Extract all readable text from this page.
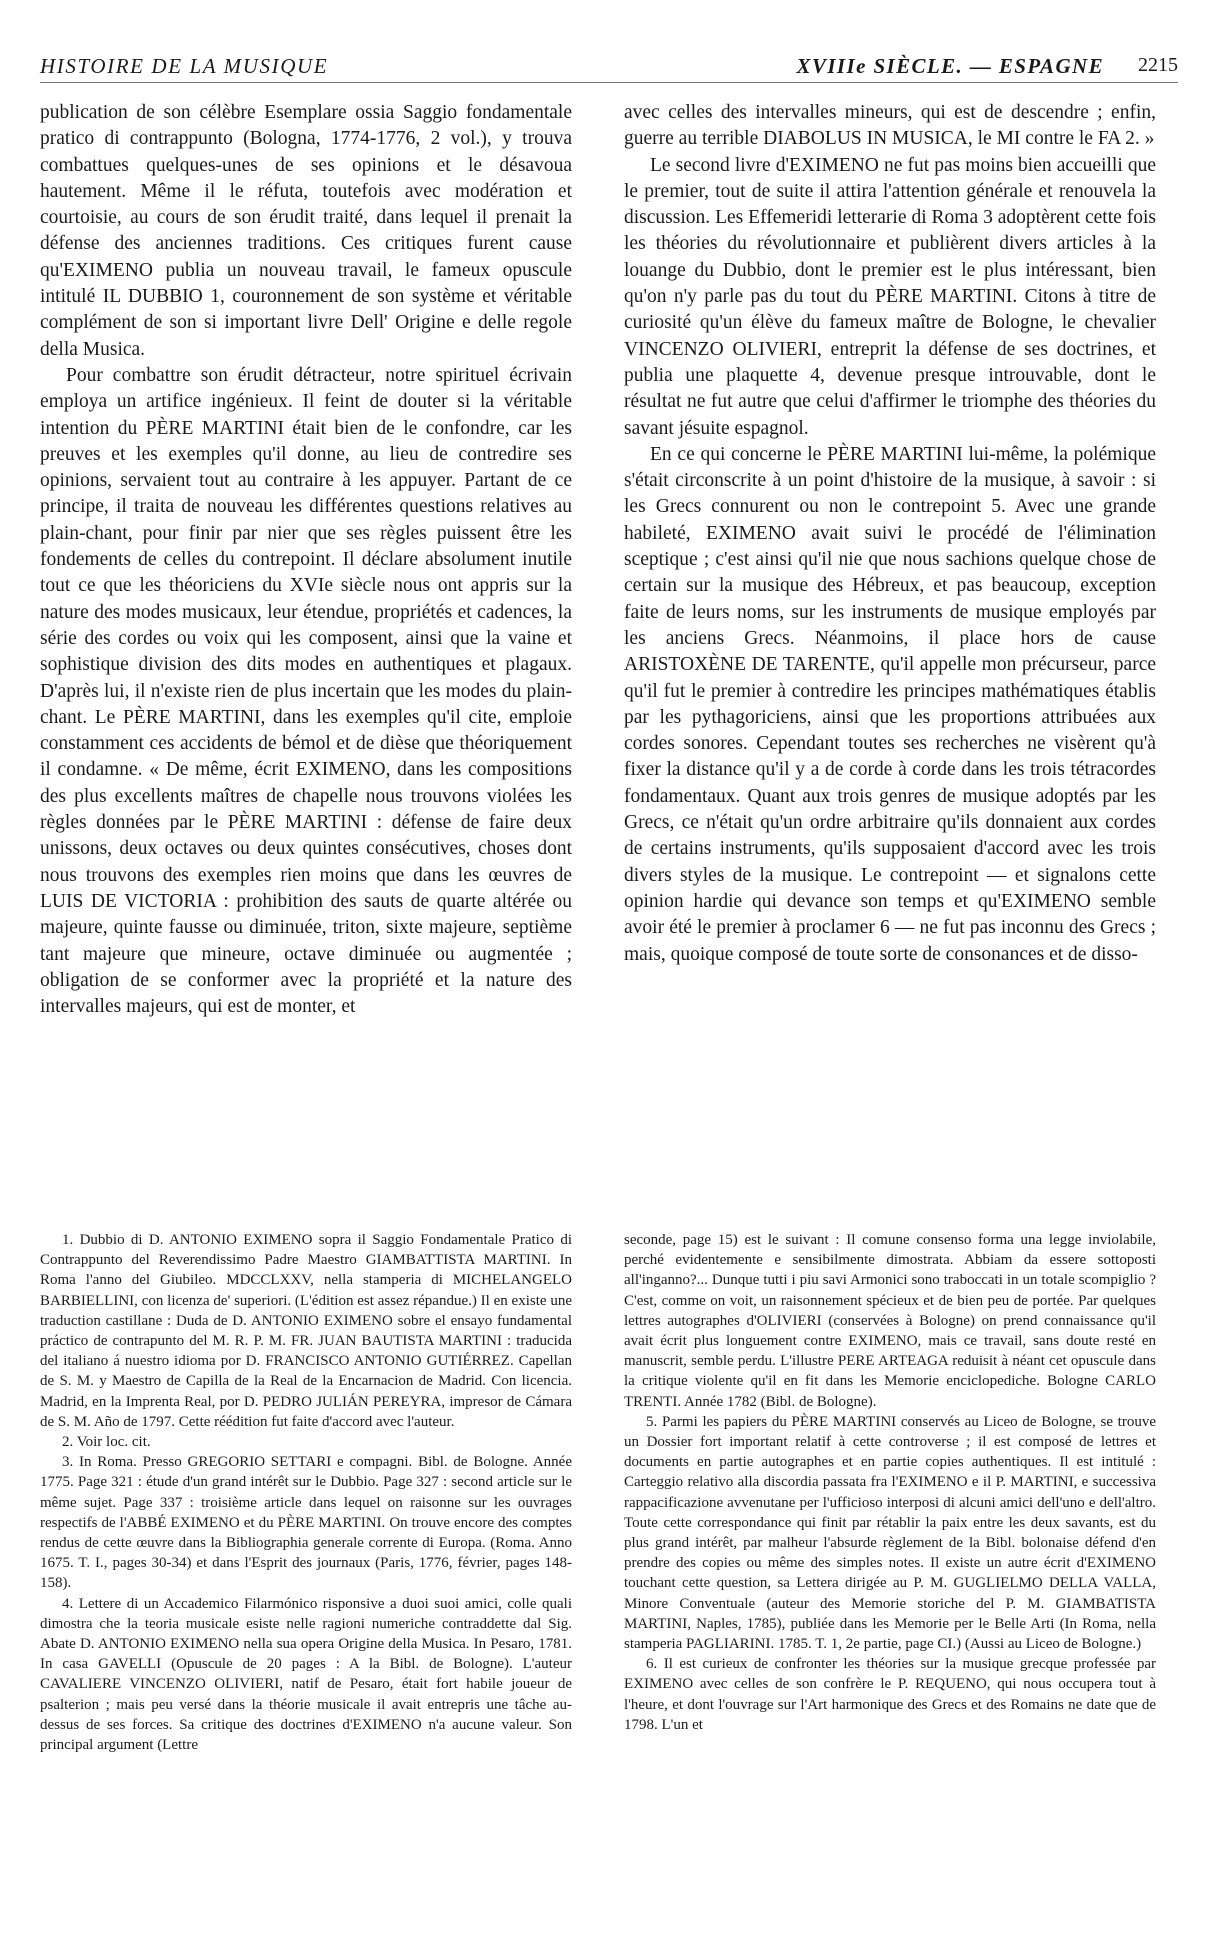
HISTOIRE DE LA MUSIQUE	XVIIIe SIÈCLE. — ESPAGNE 2215

publication de son célèbre Esemplare ossia Saggio fondamentale pratico di contrappunto (Bologna, 1774-1776, 2 vol.), y trouva combattues quelques-unes de ses opinions et le désavoua hautement. Même il le réfuta, toutefois avec modération et courtoisie, au cours de son érudit traité, dans lequel il prenait la défense des anciennes traditions. Ces critiques furent cause qu'EXIMENO publia un nouveau travail, le fameux opuscule intitulé IL DUBBIO 1, couronnement de son système et véritable complément de son si important livre Dell' Origine e delle regole della Musica.

Pour combattre son érudit détracteur, notre spirituel écrivain employa un artifice ingénieux. Il feint de douter si la véritable intention du PÈRE MARTINI était bien de le confondre, car les preuves et les exemples qu'il donne, au lieu de contredire ses opinions, servaient tout au contraire à les appuyer. Partant de ce principe, il traita de nouveau les différentes questions relatives au plain-chant, pour finir par nier que ses règles puissent être les fondements de celles du contrepoint. Il déclare absolument inutile tout ce que les théoriciens du XVIe siècle nous ont appris sur la nature des modes musicaux, leur étendue, propriétés et cadences, la série des cordes ou voix qui les composent, ainsi que la vaine et sophistique division des dits modes en authentiques et plagaux. D'après lui, il n'existe rien de plus incertain que les modes du plain-chant. Le PÈRE MARTINI, dans les exemples qu'il cite, emploie constamment ces accidents de bémol et de dièse que théoriquement il condamne. « De même, écrit EXIMENO, dans les compositions des plus excellents maîtres de chapelle nous trouvons violées les règles données par le PÈRE MARTINI : défense de faire deux unissons, deux octaves ou deux quintes consécutives, choses dont nous trouvons des exemples rien moins que dans les œuvres de LUIS DE VICTORIA : prohibition des sauts de quarte altérée ou majeure, quinte fausse ou diminuée, triton, sixte majeure, septième tant majeure que mineure, octave diminuée ou augmentée ; obligation de se conformer avec la propriété et la nature des intervalles majeurs, qui est de monter, et

avec celles des intervalles mineurs, qui est de descendre ; enfin, guerre au terrible DIABOLUS IN MUSICA, le MI contre le FA 2. »

Le second livre d'EXIMENO ne fut pas moins bien accueilli que le premier, tout de suite il attira l'attention générale et renouvela la discussion. Les Effemeridi letterarie di Roma 3 adoptèrent cette fois les théories du révolutionnaire et publièrent divers articles à la louange du Dubbio, dont le premier est le plus intéressant, bien qu'on n'y parle pas du tout du PÈRE MARTINI. Citons à titre de curiosité qu'un élève du fameux maître de Bologne, le chevalier VINCENZO OLIVIERI, entreprit la défense de ses doctrines, et publia une plaquette 4, devenue presque introuvable, dont le résultat ne fut autre que celui d'affirmer le triomphe des théories du savant jésuite espagnol.

En ce qui concerne le PÈRE MARTINI lui-même, la polémique s'était circonscrite à un point d'histoire de la musique, à savoir : si les Grecs connurent ou non le contrepoint 5. Avec une grande habileté, EXIMENO avait suivi le procédé de l'élimination sceptique ; c'est ainsi qu'il nie que nous sachions quelque chose de certain sur la musique des Hébreux, et pas beaucoup, exception faite de leurs noms, sur les instruments de musique employés par les anciens Grecs. Néanmoins, il place hors de cause ARISTOXÈNE DE TARENTE, qu'il appelle mon précurseur, parce qu'il fut le premier à contredire les principes mathématiques établis par les pythagoriciens, ainsi que les proportions attribuées aux cordes sonores. Cependant toutes ses recherches ne visèrent qu'à fixer la distance qu'il y a de corde à corde dans les trois tétracordes fondamentaux. Quant aux trois genres de musique adoptés par les Grecs, ce n'était qu'un ordre arbitraire qu'ils donnaient aux cordes de certains instruments, qu'ils supposaient d'accord avec les trois divers styles de la musique. Le contrepoint — et signalons cette opinion hardie qui devance son temps et qu'EXIMENO semble avoir été le premier à proclamer 6 — ne fut pas inconnu des Grecs ; mais, quoique composé de toute sorte de consonances et de disso-

1. Dubbio di D. ANTONIO EXIMENO sopra il Saggio Fondamentale Pratico di Contrappunto del Reverendissimo Padre Maestro GIAMBATTISTA MARTINI. In Roma l'anno del Giubileo. MDCCLXXV, nella stamperia di MICHELANGELO BARBIELLINI, con licenza de' superiori. (L'édition est assez répandue.) Il en existe une traduction castillane : Duda de D. ANTONIO EXIMENO sobre el ensayo fundamental práctico de contrapunto del M. R. P. M. FR. JUAN BAUTISTA MARTINI : traducida del italiano á nuestro idioma por D. FRANCISCO ANTONIO GUTIÉRREZ. Capellan de S. M. y Maestro de Capilla de la Real de la Encarnacion de Madrid. Con licencia. Madrid, en la Imprenta Real, por D. PEDRO JULIÁN PEREYRA, impresor de Cámara de S. M. Año de 1797. Cette réédition fut faite d'accord avec l'auteur.

2. Voir loc. cit.

3. In Roma. Presso GREGORIO SETTARI e compagni. Bibl. de Bologne. Année 1775. Page 321 : étude d'un grand intérêt sur le Dubbio. Page 327 : second article sur le même sujet. Page 337 : troisième article dans lequel on raisonne sur les ouvrages respectifs de l'ABBÉ EXIMENO et du PÈRE MARTINI. On trouve encore des comptes rendus de cette œuvre dans la Bibliographia generale corrente di Europa. (Roma. Anno 1675. T. I., pages 30-34) et dans l'Esprit des journaux (Paris, 1776, février, pages 148-158).

4. Lettere di un Accademico Filarmónico risponsive a duoi suoi amici, colle quali dimostra che la teoria musicale esiste nelle ragioni numeriche contraddette dal Sig. Abate D. ANTONIO EXIMENO nella sua opera Origine della Musica. In Pesaro, 1781. In casa GAVELLI (Opuscule de 20 pages : A la Bibl. de Bologne). L'auteur CAVALIERE VINCENZO OLIVIERI, natif de Pesaro, était fort habile joueur de psalterion ; mais peu versé dans la théorie musicale il avait entrepris une tâche au-dessus de ses forces. Sa critique des doctrines d'EXIMENO n'a aucune valeur. Son principal argument (Lettre

seconde, page 15) est le suivant : Il comune consenso forma una legge inviolabile, perché evidentemente e sensibilmente dimostrata. Abbiam da essere sottoposti all'inganno?... Dunque tutti i piu savi Armonici sono traboccati in un totale scompiglio ? C'est, comme on voit, un raisonnement spécieux et de bien peu de portée. Par quelques lettres autographes d'OLIVIERI (conservées à Bologne) on prend connaissance qu'il avait écrit plus longuement contre EXIMENO, mais ce travail, sans doute resté en manuscrit, semble perdu. L'illustre PERE ARTEAGA reduisit à néant cet opuscule dans la critique violente qu'il en fit dans les Memorie enciclopediche. Bologne CARLO TRENTI. Année 1782 (Bibl. de Bologne).

5. Parmi les papiers du PÈRE MARTINI conservés au Liceo de Bologne, se trouve un Dossier fort important relatif à cette controverse ; il est composé de lettres et documents en partie autographes et en partie copies authentiques. Il est intitulé : Carteggio relativo alla discordia passata fra l'EXIMENO e il P. MARTINI, e successiva rappacificazione avvenutane per l'ufficioso interposi di alcuni amici dell'uno e dell'altro. Toute cette correspondance qui finit par rétablir la paix entre les deux savants, est du plus grand intérêt, par malheur l'absurde règlement de la Bibl. bolonaise défend d'en prendre des copies ou même des simples notes. Il existe un autre écrit d'EXIMENO touchant cette question, sa Lettera dirigée au P. M. GUGLIELMO DELLA VALLA, Minore Conventuale (auteur des Memorie storiche del P. M. GIAMBATISTA MARTINI, Naples, 1785), publiée dans les Memorie per le Belle Arti (In Roma, nella stamperia PAGLIARINI. 1785. T. 1, 2e partie, page CI.) (Aussi au Liceo de Bologne.)

6. Il est curieux de confronter les théories sur la musique grecque professée par EXIMENO avec celles de son confrère le P. REQUENO, qui nous occupera tout à l'heure, et dont l'ouvrage sur l'Art harmonique des Grecs et des Romains ne date que de 1798. L'un et
